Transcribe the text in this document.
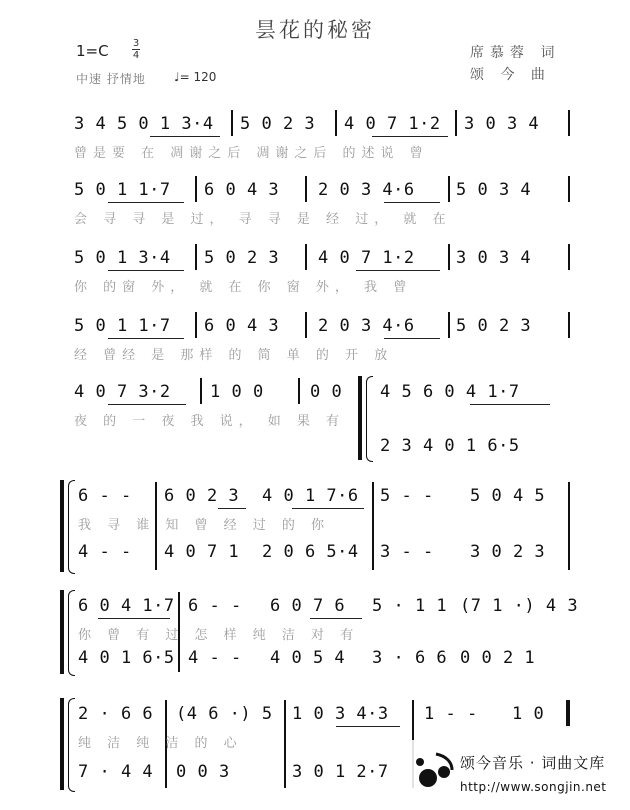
昙花的秘密
席慕蓉 词
颂 今 曲
1=C 3
4
中速 抒情地 ♩= 120
3 4 5 0 1 3·4 5 0 2 3 4 0 7 1·2 3 0 3 4
曾是要 在 凋谢之后 凋谢之后 的述说 曾
5 0 1 1·7 6 0 4 3 2 0 3 4·6 5 0 3 4
会 寻 寻 是 过， 寻 寻 是 经 过， 就 在
5 0 1 3·4 5 0 2 3 4 0 7 1·2 3 0 3 4
你 的窗 外， 就 在 你 窗 外， 我 曾
5 0 1 1·7 6 0 4 3 2 0 3 4·6 5 0 2 3
经 曾经 是 那样 的 简 单 的 开 放
4 0 7 3·2 1 0 0	0 0 4 5 6 0 4 1·7
夜 的 一 夜 我 说， 如 果 有
2 3 4 0 1 6·5
6 - - 6 0 2 3 4 0 1 7·6 5 - - 5 0 4 5
我 寻 谁 知 曾 经 过 的 你
4 - - 4 0 7 1 2 0 6 5·4 3 - - 3 0 2 3
6 0 4 1·7 6 - - 6 0 7 6 5 · 1 1 (7 1 ·) 4 3
你 曾 有 过 怎 样 纯 洁 对 有
4 0 1 6·5 4 - - 4 0 5 4 3 · 6 6 0 0 2 1
2 · 6 6 (4 6 ·) 5 1 0 3 4·3 1 - - 1 0
纯 洁 纯 洁 的 心
7 · 4 4 0 0 3	3 0 1 2·7	颂今音乐 · 词曲文库
http://www.songjin.net
